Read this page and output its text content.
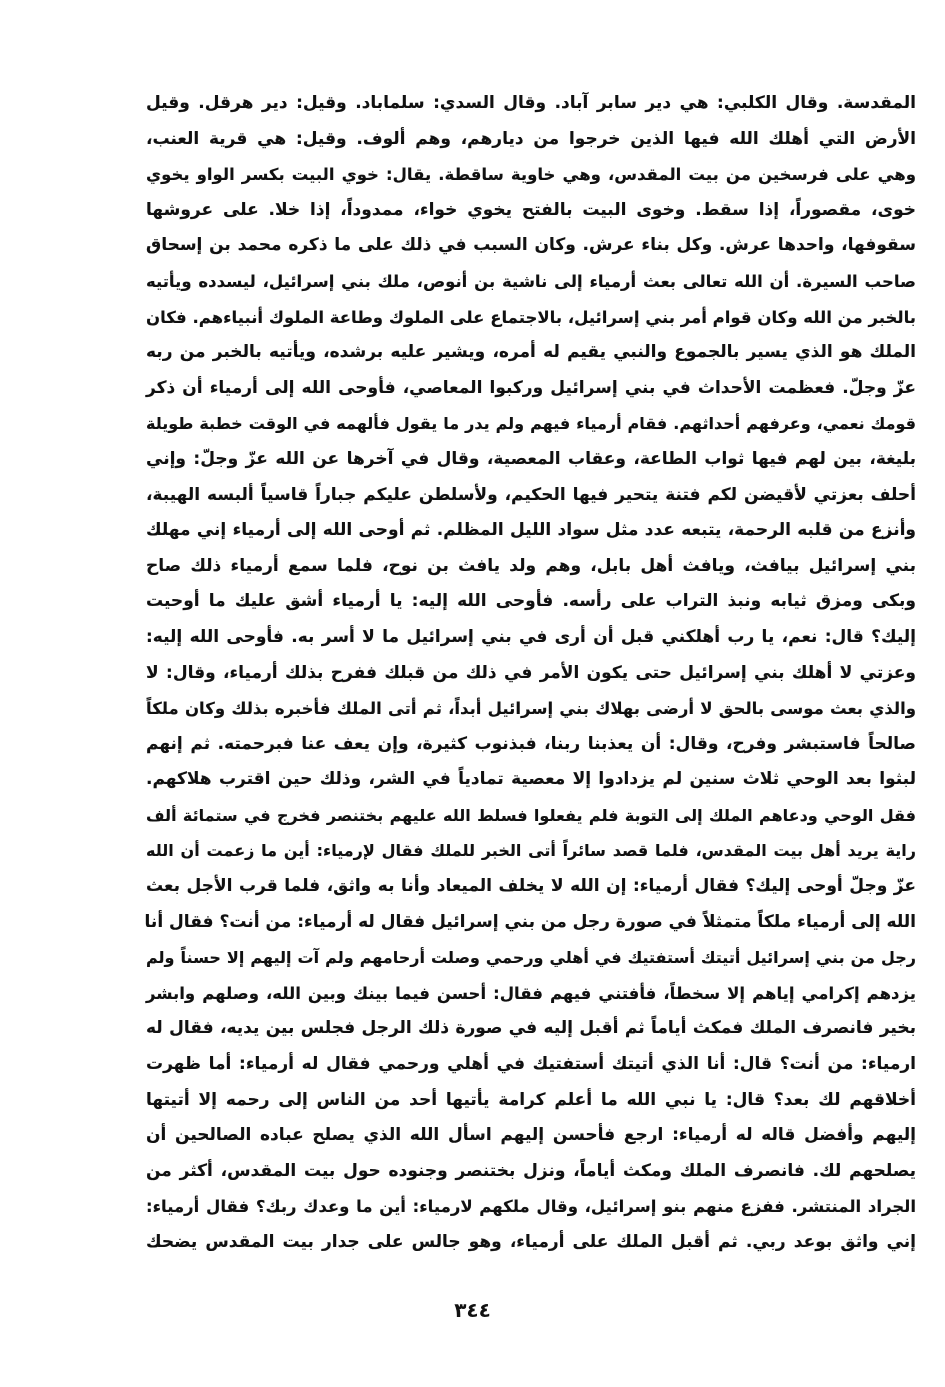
المقدسة. وقال الكلبي: هي دير سابر آباد. وقال السدي: سلماباد. وقيل: دير هرقل. وقيل
الأرض التي أهلك الله فيها الذين خرجوا من ديارهم، وهم ألوف. وقيل: هي قرية العنب،
وهي على فرسخين من بيت المقدس، وهي خاوية ساقطة. يقال: خوي البيت بكسر الواو يخوي
خوى، مقصوراً، إذا سقط. وخوى البيت بالفتح يخوي خواء، ممدوداً، إذا خلا. على عروشها
سقوفها، واحدها عرش. وكل بناء عرش. وكان السبب في ذلك على ما ذكره محمد بن إسحاق
صاحب السيرة. أن الله تعالى بعث أرمياء إلى ناشية بن أنوص، ملك بني إسرائيل، ليسدده ويأتيه
بالخبر من الله وكان قوام أمر بني إسرائيل، بالاجتماع على الملوك وطاعة الملوك أنبياءهم. فكان
الملك هو الذي يسير بالجموع والنبي يقيم له أمره، ويشير عليه برشده، ويأتيه بالخبر من ربه
عزّ وجلّ. فعظمت الأحداث في بني إسرائيل وركبوا المعاصي، فأوحى الله إلى أرمياء أن ذكر
قومك نعمي، وعرفهم أحداثهم. فقام أرمياء فيهم ولم يدر ما يقول فألهمه في الوقت خطبة طويلة
بليغة، بين لهم فيها ثواب الطاعة، وعقاب المعصية، وقال في آخرها عن الله عزّ وجلّ: وإني
أحلف بعزتي لأقيضن لكم فتنة يتحير فيها الحكيم، ولأسلطن عليكم جباراً قاسياً ألبسه الهيبة،
وأنزع من قلبه الرحمة، يتبعه عدد مثل سواد الليل المظلم. ثم أوحى الله إلى أرمياء إني مهلك
بني إسرائيل بيافث، ويافث أهل بابل، وهم ولد يافث بن نوح، فلما سمع أرمياء ذلك صاح
وبكى ومزق ثيابه ونبذ التراب على رأسه. فأوحى الله إليه: يا أرمياء أشق عليك ما أوحيت
إليك؟ قال: نعم، يا رب أهلكني قبل أن أرى في بني إسرائيل ما لا أسر به. فأوحى الله إليه:
وعزتي لا أهلك بني إسرائيل حتى يكون الأمر في ذلك من قبلك ففرح بذلك أرمياء، وقال: لا
والذي بعث موسى بالحق لا أرضى بهلاك بني إسرائيل أبداً، ثم أتى الملك فأخبره بذلك وكان ملكاً
صالحاً فاستبشر وفرح، وقال: أن يعذبنا ربنا، فبذنوب كثيرة، وإن يعف عنا فبرحمته. ثم إنهم
لبثوا بعد الوحي ثلاث سنين لم يزدادوا إلا معصية تمادياً في الشر، وذلك حين اقترب هلاكهم.
فقل الوحي ودعاهم الملك إلى التوبة فلم يفعلوا فسلط الله عليهم بختنصر فخرج في ستمائة ألف
راية يريد أهل بيت المقدس، فلما قصد سائراً أتى الخبر للملك فقال لإرمياء: أين ما زعمت أن الله
عزّ وجلّ أوحى إليك؟ فقال أرمياء: إن الله لا يخلف الميعاد وأنا به واثق، فلما قرب الأجل بعث
الله إلى أرمياء ملكاً متمثلاً في صورة رجل من بني إسرائيل فقال له أرمياء: من أنت؟ فقال أنا
رجل من بني إسرائيل أتيتك أستفتيك في أهلي ورحمي وصلت أرحامهم ولم آت إليهم إلا حسناً ولم
يزدهم إكرامي إياهم إلا سخطاً، فأفتني فيهم فقال: أحسن فيما بينك وبين الله، وصلهم وابشر
بخير فانصرف الملك فمكث أياماً ثم أقبل إليه في صورة ذلك الرجل فجلس بين يديه، فقال له
ارمياء: من أنت؟ قال: أنا الذي أتيتك أستفتيك في أهلي ورحمي فقال له أرمياء: أما ظهرت
أخلاقهم لك بعد؟ قال: يا نبي الله ما أعلم كرامة يأتيها أحد من الناس إلى رحمه إلا أتيتها
إليهم وأفضل قاله له أرمياء: ارجع فأحسن إليهم اسأل الله الذي يصلح عباده الصالحين أن
يصلحهم لك. فانصرف الملك ومكث أياماً، ونزل بختنصر وجنوده حول بيت المقدس، أكثر من
الجراد المنتشر. ففزع منهم بنو إسرائيل، وقال ملكهم لارمياء: أين ما وعدك ربك؟ فقال أرمياء:
إني واثق بوعد ربي. ثم أقبل الملك على أرمياء، وهو جالس على جدار بيت المقدس يضحك
٣٤٤
